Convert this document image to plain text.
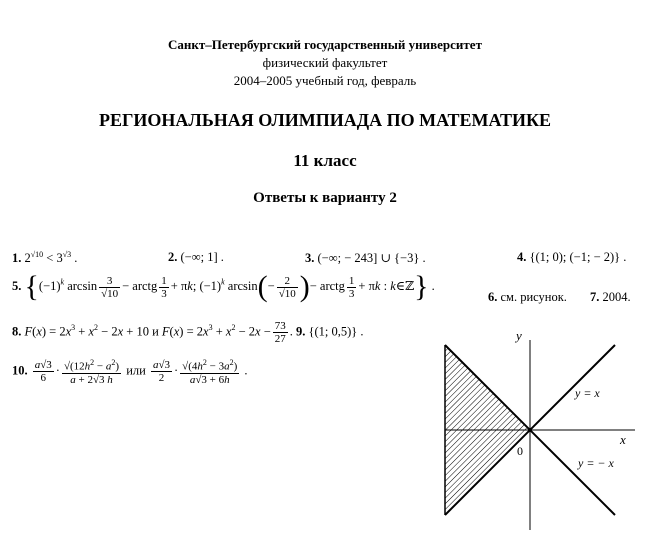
Санкт–Петербургский государственный университет
физический факультет
2004–2005 учебный год, февраль
РЕГИОНАЛЬНАЯ ОЛИМПИАДА ПО МАТЕМАТИКЕ
11 класс
Ответы к варианту 2
1. $2^{√10} < 3^{√3}$ .	2. (−∞; 1] .	3. (−∞; − 243] ∪ {−3} .	4. {(1; 0); (−1; − 2)} .
5. {$(-1)^k$ $\arcsin \frac{3}{√10}$ − arctg $\frac{1}{3} + \pi k$; $(-1)^k$ $\arcsin(- \frac{2}{√10}$ )− arctg $\frac{1}{3} + \pi k$ : k∈ℤ} .
6. см. рисунок. 7. 2004.
8. $F(x) = 2x^3 + x^2 - 2x + 10$ и $F(x) = 2x^3 + x^2 - 2x - \frac{73}{27}$ . 9. {(1; 0,5)} .
10. $\frac{a√3}{6} \cdot \frac{√(12h^2 - a^2)}{a + 2√3 h}$ или $\frac{a√3}{2} \cdot \frac{√(4h^2 - 3a^2)}{a√3 + 6h}$ .
y
x
0
y = x
y = − x
